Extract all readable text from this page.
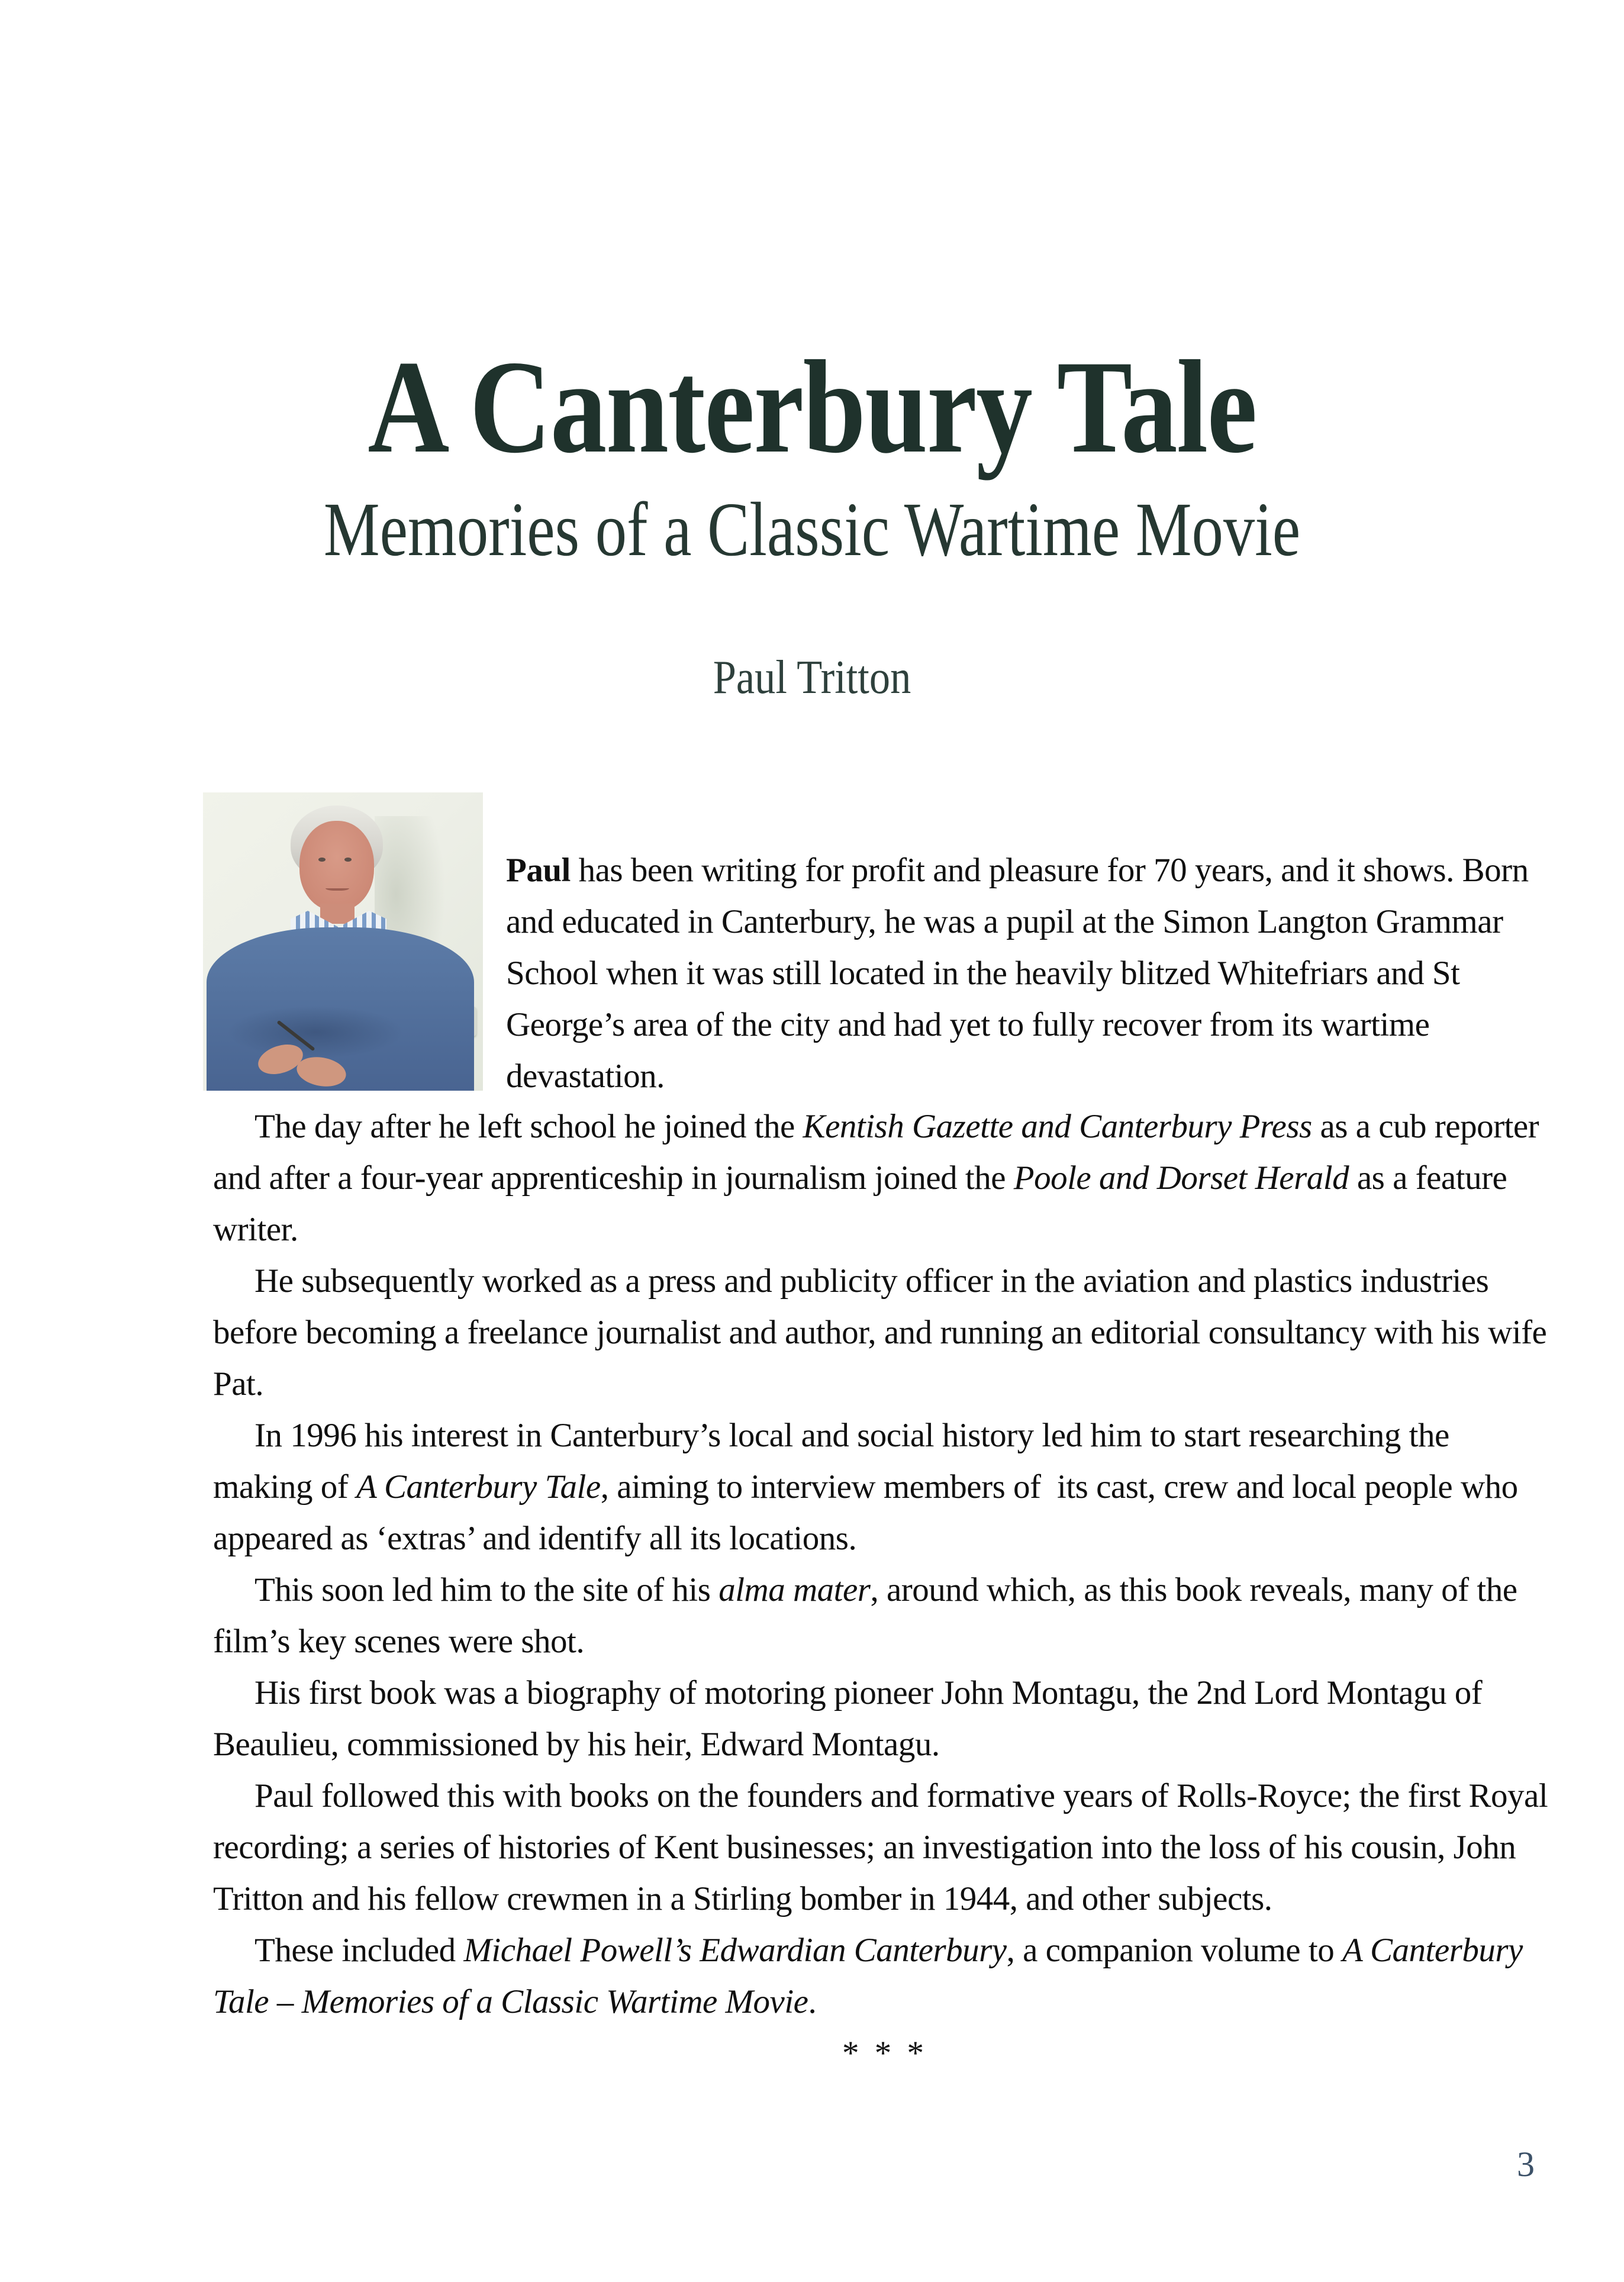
A Canterbury Tale
Memories of a Classic Wartime Movie
Paul Tritton

Paul has been writing for profit and pleasure for 70 years, and it shows. Born and educated in Canterbury, he was a pupil at the Simon Langton Grammar School when it was still located in the heavily blitzed Whitefriars and St George’s area of the city and had yet to fully recover from its wartime devastation.

The day after he left school he joined the Kentish Gazette and Canterbury Press as a cub reporter and after a four-year apprenticeship in journalism joined the Poole and Dorset Herald as a feature writer.

He subsequently worked as a press and publicity officer in the aviation and plastics industries before becoming a freelance journalist and author, and running an editorial consultancy with his wife Pat.

In 1996 his interest in Canterbury’s local and social history led him to start researching the making of A Canterbury Tale, aiming to interview members of  its cast, crew and local people who appeared as ‘extras’ and identify all its locations.

This soon led him to the site of his alma mater, around which, as this book reveals, many of the film’s key scenes were shot.

His first book was a biography of motoring pioneer John Montagu, the 2nd Lord Montagu of Beaulieu, commissioned by his heir, Edward Montagu.

Paul followed this with books on the founders and formative years of Rolls-Royce; the first Royal recording; a series of histories of Kent businesses; an investigation into the loss of his cousin, John Tritton and his fellow crewmen in a Stirling bomber in 1944, and other subjects.

These included Michael Powell’s Edwardian Canterbury, a companion volume to A Canterbury Tale – Memories of a Classic Wartime Movie.

* * *

3
